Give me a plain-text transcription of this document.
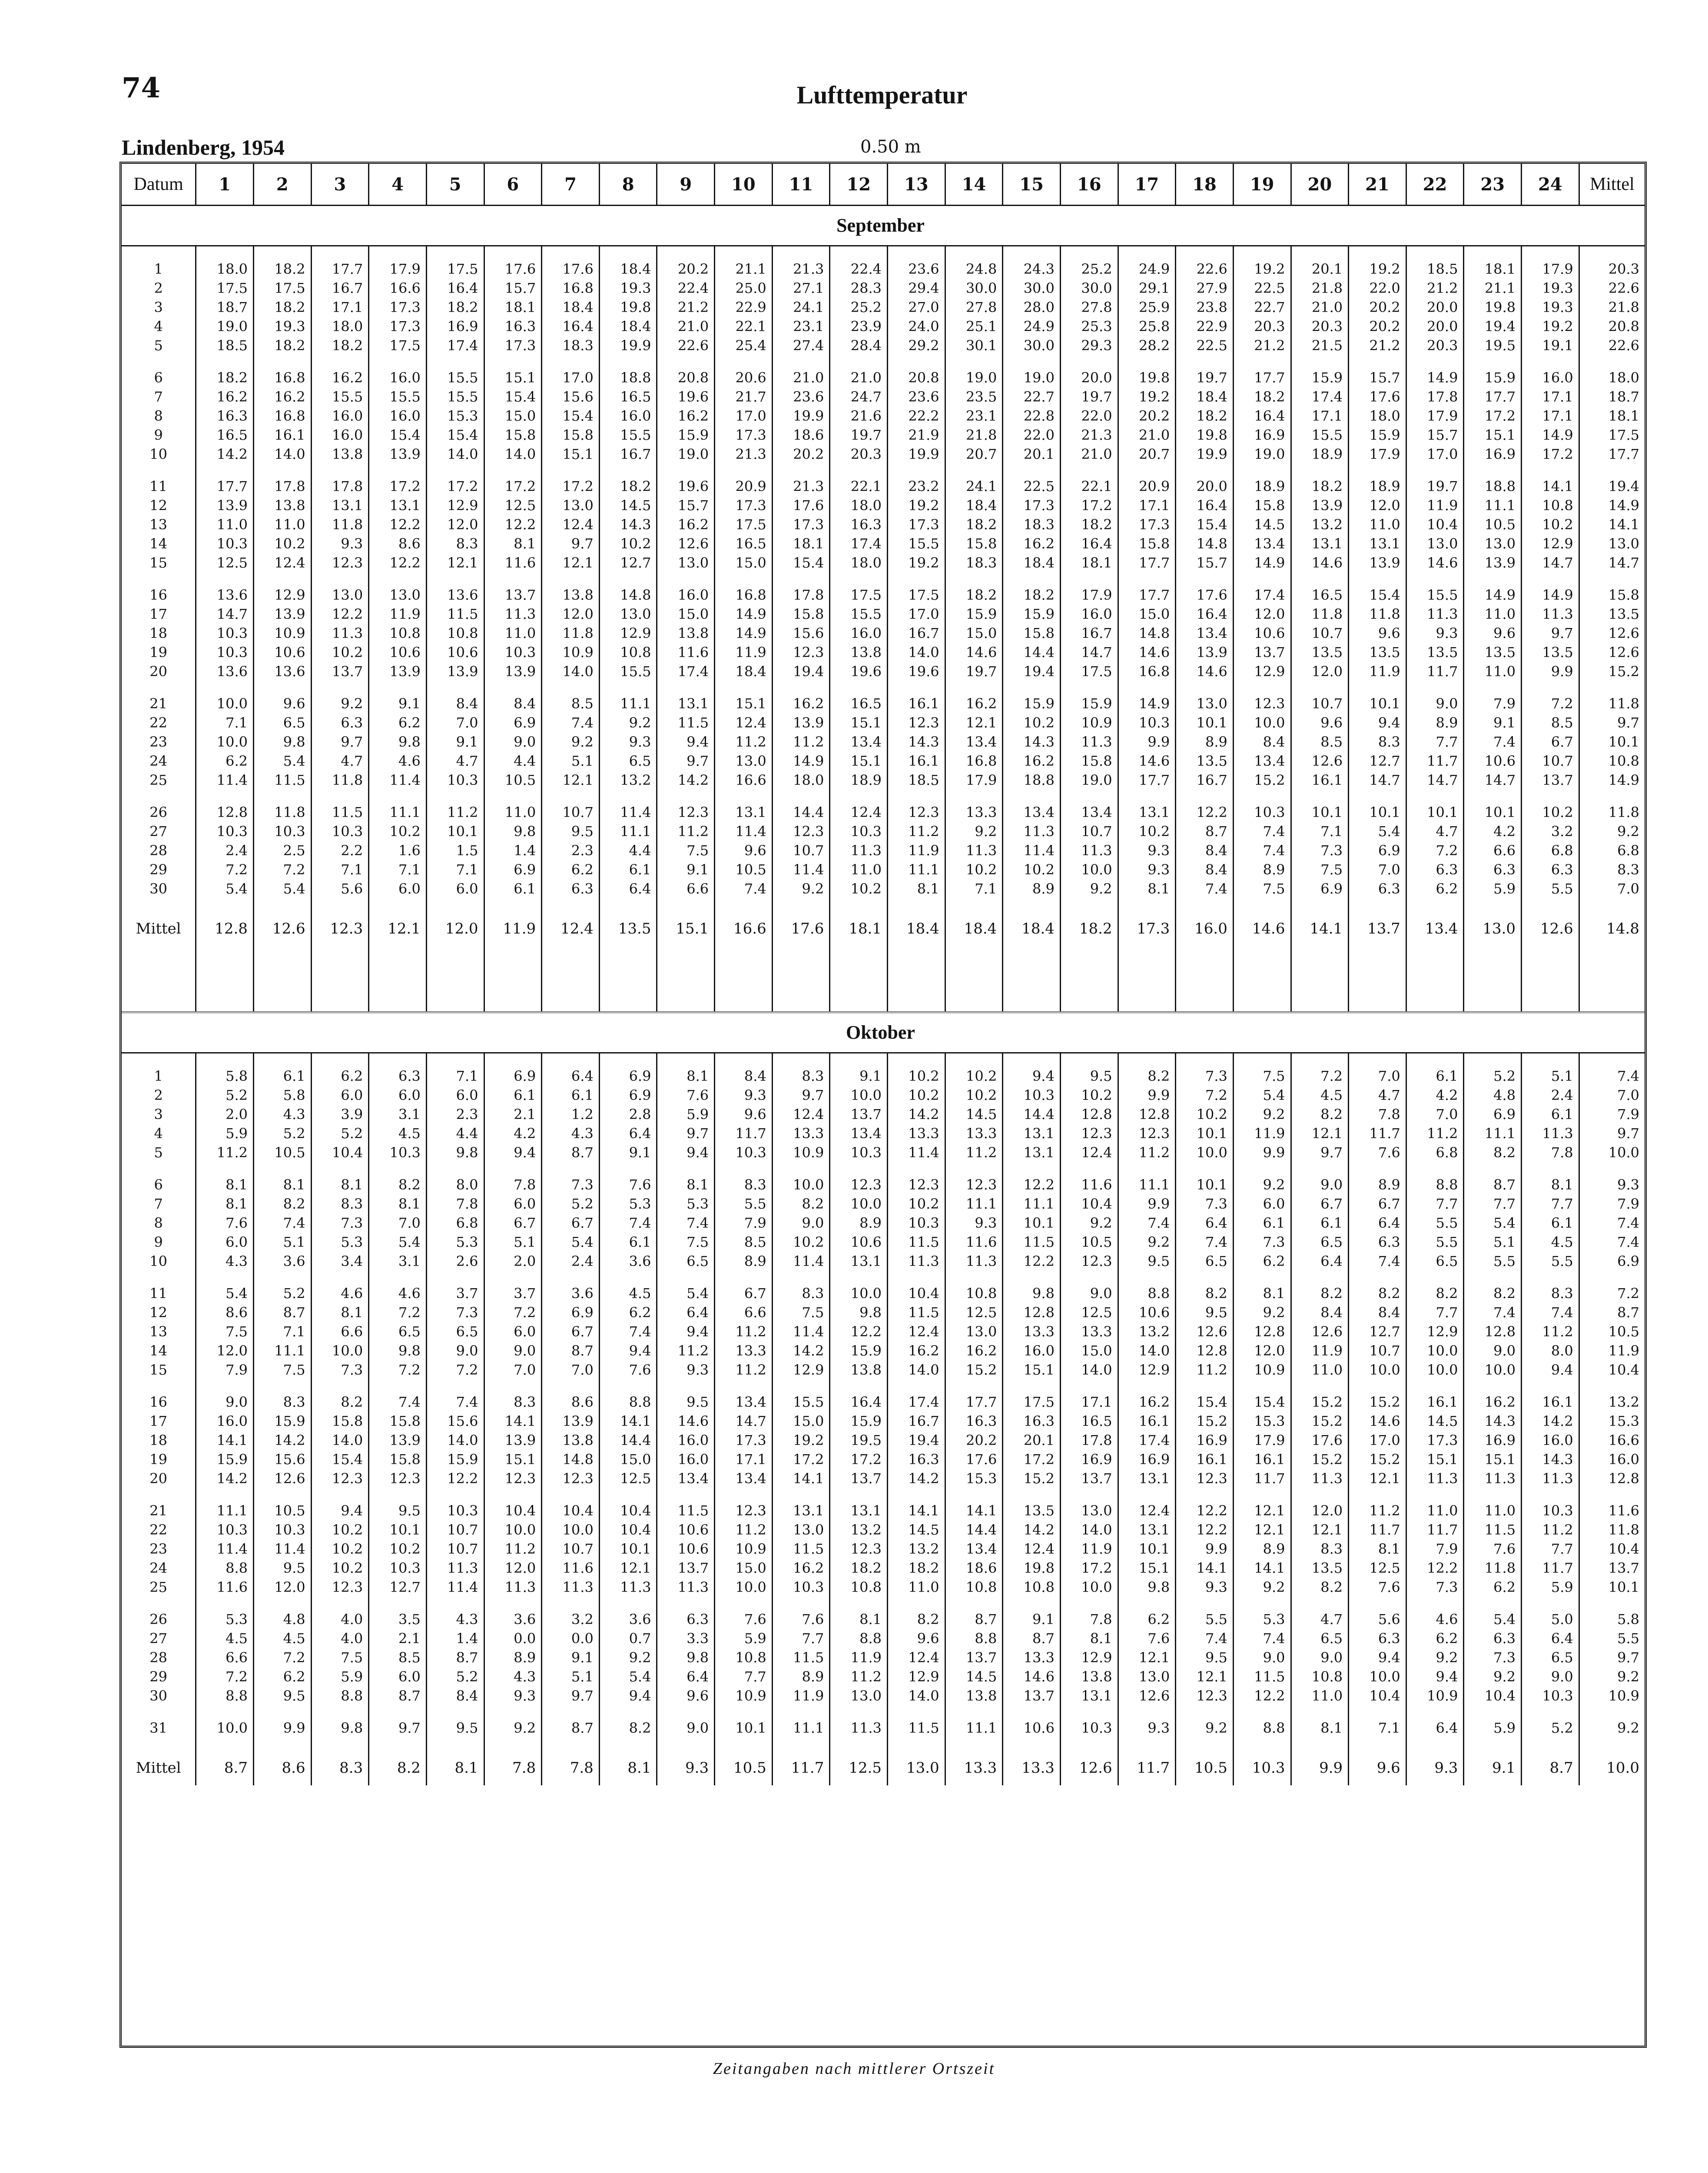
74	Lufttemperatur
Lindenberg, 1954	0.50 m
Datum	1	2	3	4	5	6	7	8	9	10	11	12	13	14	15	16	17	18	19	20	21	22	23	24	Mittel
September																									

1	18.0	18.2	17.7	17.9	17.5	17.6	17.6	18.4	20.2	21.1	21.3	22.4	23.6	24.8	24.3	25.2	24.9	22.6	19.2	20.1	19.2	18.5	18.1	17.9	20.3
2	17.5	17.5	16.7	16.6	16.4	15.7	16.8	19.3	22.4	25.0	27.1	28.3	29.4	30.0	30.0	30.0	29.1	27.9	22.5	21.8	22.0	21.2	21.1	19.3	22.6
3	18.7	18.2	17.1	17.3	18.2	18.1	18.4	19.8	21.2	22.9	24.1	25.2	27.0	27.8	28.0	27.8	25.9	23.8	22.7	21.0	20.2	20.0	19.8	19.3	21.8
4	19.0	19.3	18.0	17.3	16.9	16.3	16.4	18.4	21.0	22.1	23.1	23.9	24.0	25.1	24.9	25.3	25.8	22.9	20.3	20.3	20.2	20.0	19.4	19.2	20.8
5	18.5	18.2	18.2	17.5	17.4	17.3	18.3	19.9	22.6	25.4	27.4	28.4	29.2	30.1	30.0	29.3	28.2	22.5	21.2	21.5	21.2	20.3	19.5	19.1	22.6

6	18.2	16.8	16.2	16.0	15.5	15.1	17.0	18.8	20.8	20.6	21.0	21.0	20.8	19.0	19.0	20.0	19.8	19.7	17.7	15.9	15.7	14.9	15.9	16.0	18.0
7	16.2	16.2	15.5	15.5	15.5	15.4	15.6	16.5	19.6	21.7	23.6	24.7	23.6	23.5	22.7	19.7	19.2	18.4	18.2	17.4	17.6	17.8	17.7	17.1	18.7
8	16.3	16.8	16.0	16.0	15.3	15.0	15.4	16.0	16.2	17.0	19.9	21.6	22.2	23.1	22.8	22.0	20.2	18.2	16.4	17.1	18.0	17.9	17.2	17.1	18.1
9	16.5	16.1	16.0	15.4	15.4	15.8	15.8	15.5	15.9	17.3	18.6	19.7	21.9	21.8	22.0	21.3	21.0	19.8	16.9	15.5	15.9	15.7	15.1	14.9	17.5
10	14.2	14.0	13.8	13.9	14.0	14.0	15.1	16.7	19.0	21.3	20.2	20.3	19.9	20.7	20.1	21.0	20.7	19.9	19.0	18.9	17.9	17.0	16.9	17.2	17.7

11	17.7	17.8	17.8	17.2	17.2	17.2	17.2	18.2	19.6	20.9	21.3	22.1	23.2	24.1	22.5	22.1	20.9	20.0	18.9	18.2	18.9	19.7	18.8	14.1	19.4
12	13.9	13.8	13.1	13.1	12.9	12.5	13.0	14.5	15.7	17.3	17.6	18.0	19.2	18.4	17.3	17.2	17.1	16.4	15.8	13.9	12.0	11.9	11.1	10.8	14.9
13	11.0	11.0	11.8	12.2	12.0	12.2	12.4	14.3	16.2	17.5	17.3	16.3	17.3	18.2	18.3	18.2	17.3	15.4	14.5	13.2	11.0	10.4	10.5	10.2	14.1
14	10.3	10.2	9.3	8.6	8.3	8.1	9.7	10.2	12.6	16.5	18.1	17.4	15.5	15.8	16.2	16.4	15.8	14.8	13.4	13.1	13.1	13.0	13.0	12.9	13.0
15	12.5	12.4	12.3	12.2	12.1	11.6	12.1	12.7	13.0	15.0	15.4	18.0	19.2	18.3	18.4	18.1	17.7	15.7	14.9	14.6	13.9	14.6	13.9	14.7	14.7

16	13.6	12.9	13.0	13.0	13.6	13.7	13.8	14.8	16.0	16.8	17.8	17.5	17.5	18.2	18.2	17.9	17.7	17.6	17.4	16.5	15.4	15.5	14.9	14.9	15.8
17	14.7	13.9	12.2	11.9	11.5	11.3	12.0	13.0	15.0	14.9	15.8	15.5	17.0	15.9	15.9	16.0	15.0	16.4	12.0	11.8	11.8	11.3	11.0	11.3	13.5
18	10.3	10.9	11.3	10.8	10.8	11.0	11.8	12.9	13.8	14.9	15.6	16.0	16.7	15.0	15.8	16.7	14.8	13.4	10.6	10.7	9.6	9.3	9.6	9.7	12.6
19	10.3	10.6	10.2	10.6	10.6	10.3	10.9	10.8	11.6	11.9	12.3	13.8	14.0	14.6	14.4	14.7	14.6	13.9	13.7	13.5	13.5	13.5	13.5	13.5	12.6
20	13.6	13.6	13.7	13.9	13.9	13.9	14.0	15.5	17.4	18.4	19.4	19.6	19.6	19.7	19.4	17.5	16.8	14.6	12.9	12.0	11.9	11.7	11.0	9.9	15.2

21	10.0	9.6	9.2	9.1	8.4	8.4	8.5	11.1	13.1	15.1	16.2	16.5	16.1	16.2	15.9	15.9	14.9	13.0	12.3	10.7	10.1	9.0	7.9	7.2	11.8
22	7.1	6.5	6.3	6.2	7.0	6.9	7.4	9.2	11.5	12.4	13.9	15.1	12.3	12.1	10.2	10.9	10.3	10.1	10.0	9.6	9.4	8.9	9.1	8.5	9.7
23	10.0	9.8	9.7	9.8	9.1	9.0	9.2	9.3	9.4	11.2	11.2	13.4	14.3	13.4	14.3	11.3	9.9	8.9	8.4	8.5	8.3	7.7	7.4	6.7	10.1
24	6.2	5.4	4.7	4.6	4.7	4.4	5.1	6.5	9.7	13.0	14.9	15.1	16.1	16.8	16.2	15.8	14.6	13.5	13.4	12.6	12.7	11.7	10.6	10.7	10.8
25	11.4	11.5	11.8	11.4	10.3	10.5	12.1	13.2	14.2	16.6	18.0	18.9	18.5	17.9	18.8	19.0	17.7	16.7	15.2	16.1	14.7	14.7	14.7	13.7	14.9

26	12.8	11.8	11.5	11.1	11.2	11.0	10.7	11.4	12.3	13.1	14.4	12.4	12.3	13.3	13.4	13.4	13.1	12.2	10.3	10.1	10.1	10.1	10.1	10.2	11.8
27	10.3	10.3	10.3	10.2	10.1	9.8	9.5	11.1	11.2	11.4	12.3	10.3	11.2	9.2	11.3	10.7	10.2	8.7	7.4	7.1	5.4	4.7	4.2	3.2	9.2
28	2.4	2.5	2.2	1.6	1.5	1.4	2.3	4.4	7.5	9.6	10.7	11.3	11.9	11.3	11.4	11.3	9.3	8.4	7.4	7.3	6.9	7.2	6.6	6.8	6.8
29	7.2	7.2	7.1	7.1	7.1	6.9	6.2	6.1	9.1	10.5	11.4	11.0	11.1	10.2	10.2	10.0	9.3	8.4	8.9	7.5	7.0	6.3	6.3	6.3	8.3
30	5.4	5.4	5.6	6.0	6.0	6.1	6.3	6.4	6.6	7.4	9.2	10.2	8.1	7.1	8.9	9.2	8.1	7.4	7.5	6.9	6.3	6.2	5.9	5.5	7.0

Mittel	12.8	12.6	12.3	12.1	12.0	11.9	12.4	13.5	15.1	16.6	17.6	18.1	18.4	18.4	18.4	18.2	17.3	16.0	14.6	14.1	13.7	13.4	13.0	12.6	14.8

Oktober																									

1	5.8	6.1	6.2	6.3	7.1	6.9	6.4	6.9	8.1	8.4	8.3	9.1	10.2	10.2	9.4	9.5	8.2	7.3	7.5	7.2	7.0	6.1	5.2	5.1	7.4
2	5.2	5.8	6.0	6.0	6.0	6.1	6.1	6.9	7.6	9.3	9.7	10.0	10.2	10.2	10.3	10.2	9.9	7.2	5.4	4.5	4.7	4.2	4.8	2.4	7.0
3	2.0	4.3	3.9	3.1	2.3	2.1	1.2	2.8	5.9	9.6	12.4	13.7	14.2	14.5	14.4	12.8	12.8	10.2	9.2	8.2	7.8	7.0	6.9	6.1	7.9
4	5.9	5.2	5.2	4.5	4.4	4.2	4.3	6.4	9.7	11.7	13.3	13.4	13.3	13.3	13.1	12.3	12.3	10.1	11.9	12.1	11.7	11.2	11.1	11.3	9.7
5	11.2	10.5	10.4	10.3	9.8	9.4	8.7	9.1	9.4	10.3	10.9	10.3	11.4	11.2	13.1	12.4	11.2	10.0	9.9	9.7	7.6	6.8	8.2	7.8	10.0

6	8.1	8.1	8.1	8.2	8.0	7.8	7.3	7.6	8.1	8.3	10.0	12.3	12.3	12.3	12.2	11.6	11.1	10.1	9.2	9.0	8.9	8.8	8.7	8.1	9.3
7	8.1	8.2	8.3	8.1	7.8	6.0	5.2	5.3	5.3	5.5	8.2	10.0	10.2	11.1	11.1	10.4	9.9	7.3	6.0	6.7	6.7	7.7	7.7	7.7	7.9
8	7.6	7.4	7.3	7.0	6.8	6.7	6.7	7.4	7.4	7.9	9.0	8.9	10.3	9.3	10.1	9.2	7.4	6.4	6.1	6.1	6.4	5.5	5.4	6.1	7.4
9	6.0	5.1	5.3	5.4	5.3	5.1	5.4	6.1	7.5	8.5	10.2	10.6	11.5	11.6	11.5	10.5	9.2	7.4	7.3	6.5	6.3	5.5	5.1	4.5	7.4
10	4.3	3.6	3.4	3.1	2.6	2.0	2.4	3.6	6.5	8.9	11.4	13.1	11.3	11.3	12.2	12.3	9.5	6.5	6.2	6.4	7.4	6.5	5.5	5.5	6.9

11	5.4	5.2	4.6	4.6	3.7	3.7	3.6	4.5	5.4	6.7	8.3	10.0	10.4	10.8	9.8	9.0	8.8	8.2	8.1	8.2	8.2	8.2	8.2	8.3	7.2
12	8.6	8.7	8.1	7.2	7.3	7.2	6.9	6.2	6.4	6.6	7.5	9.8	11.5	12.5	12.8	12.5	10.6	9.5	9.2	8.4	8.4	7.7	7.4	7.4	8.7
13	7.5	7.1	6.6	6.5	6.5	6.0	6.7	7.4	9.4	11.2	11.4	12.2	12.4	13.0	13.3	13.3	13.2	12.6	12.8	12.6	12.7	12.9	12.8	11.2	10.5
14	12.0	11.1	10.0	9.8	9.0	9.0	8.7	9.4	11.2	13.3	14.2	15.9	16.2	16.2	16.0	15.0	14.0	12.8	12.0	11.9	10.7	10.0	9.0	8.0	11.9
15	7.9	7.5	7.3	7.2	7.2	7.0	7.0	7.6	9.3	11.2	12.9	13.8	14.0	15.2	15.1	14.0	12.9	11.2	10.9	11.0	10.0	10.0	10.0	9.4	10.4

16	9.0	8.3	8.2	7.4	7.4	8.3	8.6	8.8	9.5	13.4	15.5	16.4	17.4	17.7	17.5	17.1	16.2	15.4	15.4	15.2	15.2	16.1	16.2	16.1	13.2
17	16.0	15.9	15.8	15.8	15.6	14.1	13.9	14.1	14.6	14.7	15.0	15.9	16.7	16.3	16.3	16.5	16.1	15.2	15.3	15.2	14.6	14.5	14.3	14.2	15.3
18	14.1	14.2	14.0	13.9	14.0	13.9	13.8	14.4	16.0	17.3	19.2	19.5	19.4	20.2	20.1	17.8	17.4	16.9	17.9	17.6	17.0	17.3	16.9	16.0	16.6
19	15.9	15.6	15.4	15.8	15.9	15.1	14.8	15.0	16.0	17.1	17.2	17.2	16.3	17.6	17.2	16.9	16.9	16.1	16.1	15.2	15.2	15.1	15.1	14.3	16.0
20	14.2	12.6	12.3	12.3	12.2	12.3	12.3	12.5	13.4	13.4	14.1	13.7	14.2	15.3	15.2	13.7	13.1	12.3	11.7	11.3	12.1	11.3	11.3	11.3	12.8

21	11.1	10.5	9.4	9.5	10.3	10.4	10.4	10.4	11.5	12.3	13.1	13.1	14.1	14.1	13.5	13.0	12.4	12.2	12.1	12.0	11.2	11.0	11.0	10.3	11.6
22	10.3	10.3	10.2	10.1	10.7	10.0	10.0	10.4	10.6	11.2	13.0	13.2	14.5	14.4	14.2	14.0	13.1	12.2	12.1	12.1	11.7	11.7	11.5	11.2	11.8
23	11.4	11.4	10.2	10.2	10.7	11.2	10.7	10.1	10.6	10.9	11.5	12.3	13.2	13.4	12.4	11.9	10.1	9.9	8.9	8.3	8.1	7.9	7.6	7.7	10.4
24	8.8	9.5	10.2	10.3	11.3	12.0	11.6	12.1	13.7	15.0	16.2	18.2	18.2	18.6	19.8	17.2	15.1	14.1	14.1	13.5	12.5	12.2	11.8	11.7	13.7
25	11.6	12.0	12.3	12.7	11.4	11.3	11.3	11.3	11.3	10.0	10.3	10.8	11.0	10.8	10.8	10.0	9.8	9.3	9.2	8.2	7.6	7.3	6.2	5.9	10.1

26	5.3	4.8	4.0	3.5	4.3	3.6	3.2	3.6	6.3	7.6	7.6	8.1	8.2	8.7	9.1	7.8	6.2	5.5	5.3	4.7	5.6	4.6	5.4	5.0	5.8
27	4.5	4.5	4.0	2.1	1.4	0.0	0.0	0.7	3.3	5.9	7.7	8.8	9.6	8.8	8.7	8.1	7.6	7.4	7.4	6.5	6.3	6.2	6.3	6.4	5.5
28	6.6	7.2	7.5	8.5	8.7	8.9	9.1	9.2	9.8	10.8	11.5	11.9	12.4	13.7	13.3	12.9	12.1	9.5	9.0	9.0	9.4	9.2	7.3	6.5	9.7
29	7.2	6.2	5.9	6.0	5.2	4.3	5.1	5.4	6.4	7.7	8.9	11.2	12.9	14.5	14.6	13.8	13.0	12.1	11.5	10.8	10.0	9.4	9.2	9.0	9.2
30	8.8	9.5	8.8	8.7	8.4	9.3	9.7	9.4	9.6	10.9	11.9	13.0	14.0	13.8	13.7	13.1	12.6	12.3	12.2	11.0	10.4	10.9	10.4	10.3	10.9

31	10.0	9.9	9.8	9.7	9.5	9.2	8.7	8.2	9.0	10.1	11.1	11.3	11.5	11.1	10.6	10.3	9.3	9.2	8.8	8.1	7.1	6.4	5.9	5.2	9.2

Mittel	8.7	8.6	8.3	8.2	8.1	7.8	7.8	8.1	9.3	10.5	11.7	12.5	13.0	13.3	13.3	12.6	11.7	10.5	10.3	9.9	9.6	9.3	9.1	8.7	10.0
Zeitangaben nach mittlerer Ortszeit
